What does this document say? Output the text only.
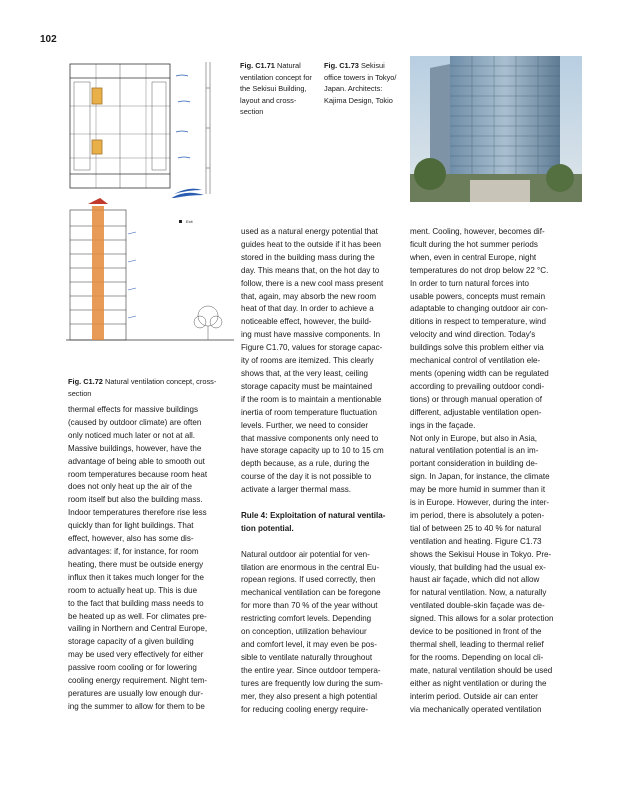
102
Exit
Fig. C1.71 Natural
ventilation concept for
the Sekisui Building,
layout and cross-
section
Fig. C1.73 Sekisui
office towers in Tokyo/
Japan. Architects:
Kajima Design, Tokio
Fig. C1.72 Natural ventilation concept, cross-
section

thermal effects for massive buildings

(caused by outdoor climate) are often

only noticed much later or not at all.

Massive buildings, however, have the

advantage of being able to smooth out

room temperatures because room heat

does not only heat up the air of the

room itself but also the building mass.

Indoor temperatures therefore rise less

quickly than for light buildings. That

effect, however, also has some dis-

advantages: if, for instance, for room

heating, there must be outside energy

influx then it takes much longer for the

room to actually heat up. This is due

to the fact that building mass needs to

be heated up as well. For climates pre-

vailing in Northern and Central Europe,

storage capacity of a given building

may be used very effectively for either

passive room cooling or for lowering

cooling energy requirement. Night tem-

peratures are usually low enough dur-

ing the summer to allow for them to be

used as a natural energy potential that

guides heat to the outside if it has been

stored in the building mass during the

day. This means that, on the hot day to

follow, there is a new cool mass present

that, again, may absorb the new room

heat of that day. In order to achieve a

noticeable effect, however, the build-

ing must have massive components. In

Figure C1.70, values for storage capac-

ity of rooms are itemized. This clearly

shows that, at the very least, ceiling

storage capacity must be maintained

if the room is to maintain a mentionable

inertia of room temperature fluctuation

levels. Further, we need to consider

that massive components only need to

have storage capacity up to 10 to 15 cm

depth because, as a rule, during the

course of the day it is not possible to

activate a larger thermal mass.

Rule 4: Exploitation of natural ventila-

tion potential.

Natural outdoor air potential for ven-

tilation are enormous in the central Eu-

ropean regions. If used correctly, then

mechanical ventilation can be foregone

for more than 70 % of the year without

restricting comfort levels. Depending

on conception, utilization behaviour

and comfort level, it may even be pos-

sible to ventilate naturally throughout

the entire year. Since outdoor tempera-

tures are frequently low during the sum-

mer, they also present a high potential

for reducing cooling energy require-

ment. Cooling, however, becomes dif-

ficult during the hot summer periods

when, even in central Europe, night

temperatures do not drop below 22 °C.

In order to turn natural forces into

usable powers, concepts must remain

adaptable to changing outdoor air con-

ditions in respect to temperature, wind

velocity and wind direction. Today's

buildings solve this problem either via

mechanical control of ventilation ele-

ments (opening width can be regulated

according to prevailing outdoor condi-

tions) or through manual operation of

different, adjustable ventilation open-

ings in the façade.

Not only in Europe, but also in Asia,

natural ventilation potential is an im-

portant consideration in building de-

sign. In Japan, for instance, the climate

may be more humid in summer than it

is in Europe. However, during the inter-

im period, there is absolutely a poten-

tial of between 25 to 40 % for natural

ventilation and heating. Figure C1.73

shows the Sekisui House in Tokyo. Pre-

viously, that building had the usual ex-

haust air façade, which did not allow

for natural ventilation. Now, a naturally

ventilated double-skin façade was de-

signed. This allows for a solar protection

device to be positioned in front of the

thermal shell, leading to thermal relief

for the rooms. Depending on local cli-

mate, natural ventilation should be used

either as night ventilation or during the

interim period. Outside air can enter

via mechanically operated ventilation
